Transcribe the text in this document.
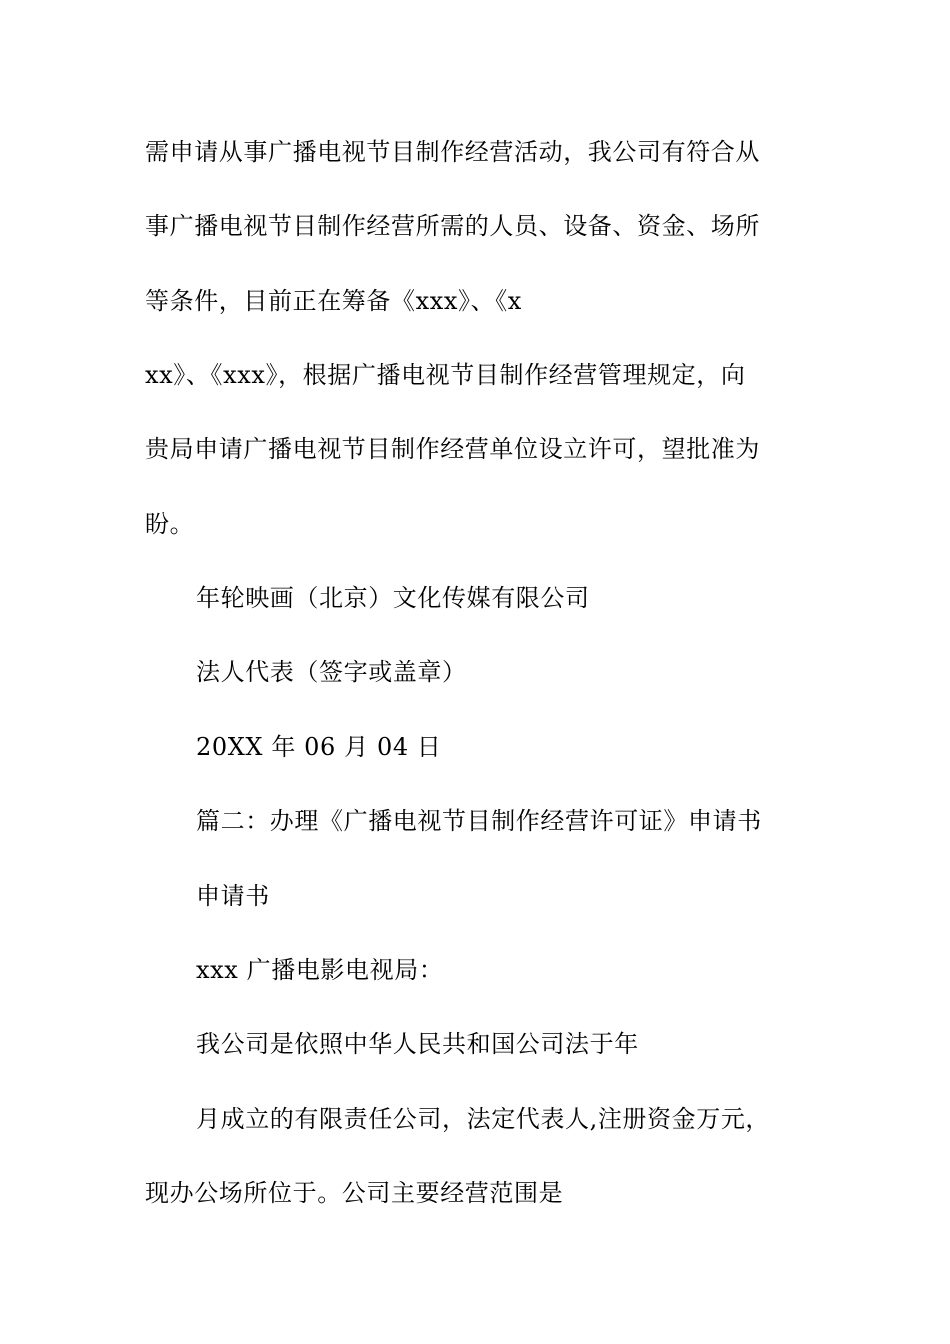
需申请从事广播电视节目制作经营活动，我公司有符合从
事广播电视节目制作经营所需的人员、设备、资金、场所
等条件，目前正在筹备《xxx》、《x
xx》、《xxx》，根据广播电视节目制作经营管理规定，向
贵局申请广播电视节目制作经营单位设立许可，望批准为
盼。
年轮映画（北京）文化传媒有限公司
法人代表（签字或盖章）
20XX 年 06 月 04 日
篇二：办理《广播电视节目制作经营许可证》申请书
申请书
xxx 广播电影电视局：
我公司是依照中华人民共和国公司法于年
月成立的有限责任公司，法定代表人,注册资金万元，
现办公场所位于。公司主要经营范围是
